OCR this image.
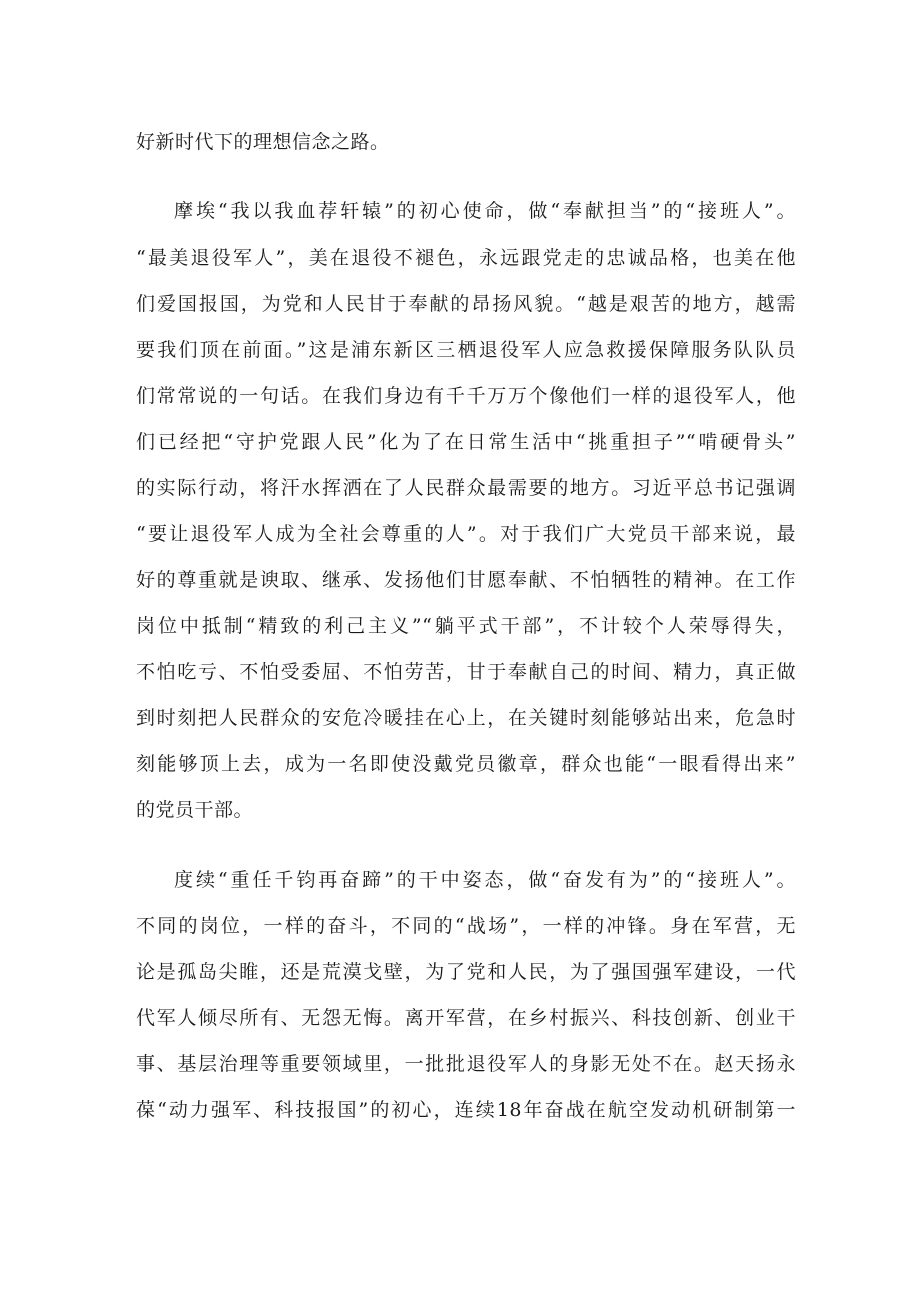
好新时代下的理想信念之路。
摩埃“我以我血荐轩辕”的初心使命，做“奉献担当”的“接班人”。
“最美退役军人”，美在退役不褪色，永远跟党走的忠诚品格，也美在他
们爱国报国，为党和人民甘于奉献的昂扬风貌。“越是艰苦的地方，越需
要我们顶在前面。”这是浦东新区三栖退役军人应急救援保障服务队队员
们常常说的一句话。在我们身边有千千万万个像他们一样的退役军人，他
们已经把“守护党跟人民”化为了在日常生活中“挑重担子”“啃硬骨头”
的实际行动，将汗水挥洒在了人民群众最需要的地方。习近平总书记强调
“要让退役军人成为全社会尊重的人”。对于我们广大党员干部来说，最
好的尊重就是谀取、继承、发扬他们甘愿奉献、不怕牺牲的精神。在工作
岗位中抵制“精致的利己主义”“躺平式干部”，不计较个人荣辱得失，
不怕吃亏、不怕受委屈、不怕劳苦，甘于奉献自己的时间、精力，真正做
到时刻把人民群众的安危冷暖挂在心上，在关键时刻能够站出来，危急时
刻能够顶上去，成为一名即使没戴党员徽章，群众也能“一眼看得出来”
的党员干部。
度续“重任千钧再奋蹄”的干中姿态，做“奋发有为”的“接班人”。
不同的岗位，一样的奋斗，不同的“战场”，一样的冲锋。身在军营，无
论是孤岛尖睢，还是荒漠戈壁，为了党和人民，为了强国强军建设，一代
代军人倾尽所有、无怨无悔。离开军营，在乡村振兴、科技创新、创业干
事、基层治理等重要领域里，一批批退役军人的身影无处不在。赵天扬永
葆“动力强军、科技报国”的初心，连续18年奋战在航空发动机研制第一
